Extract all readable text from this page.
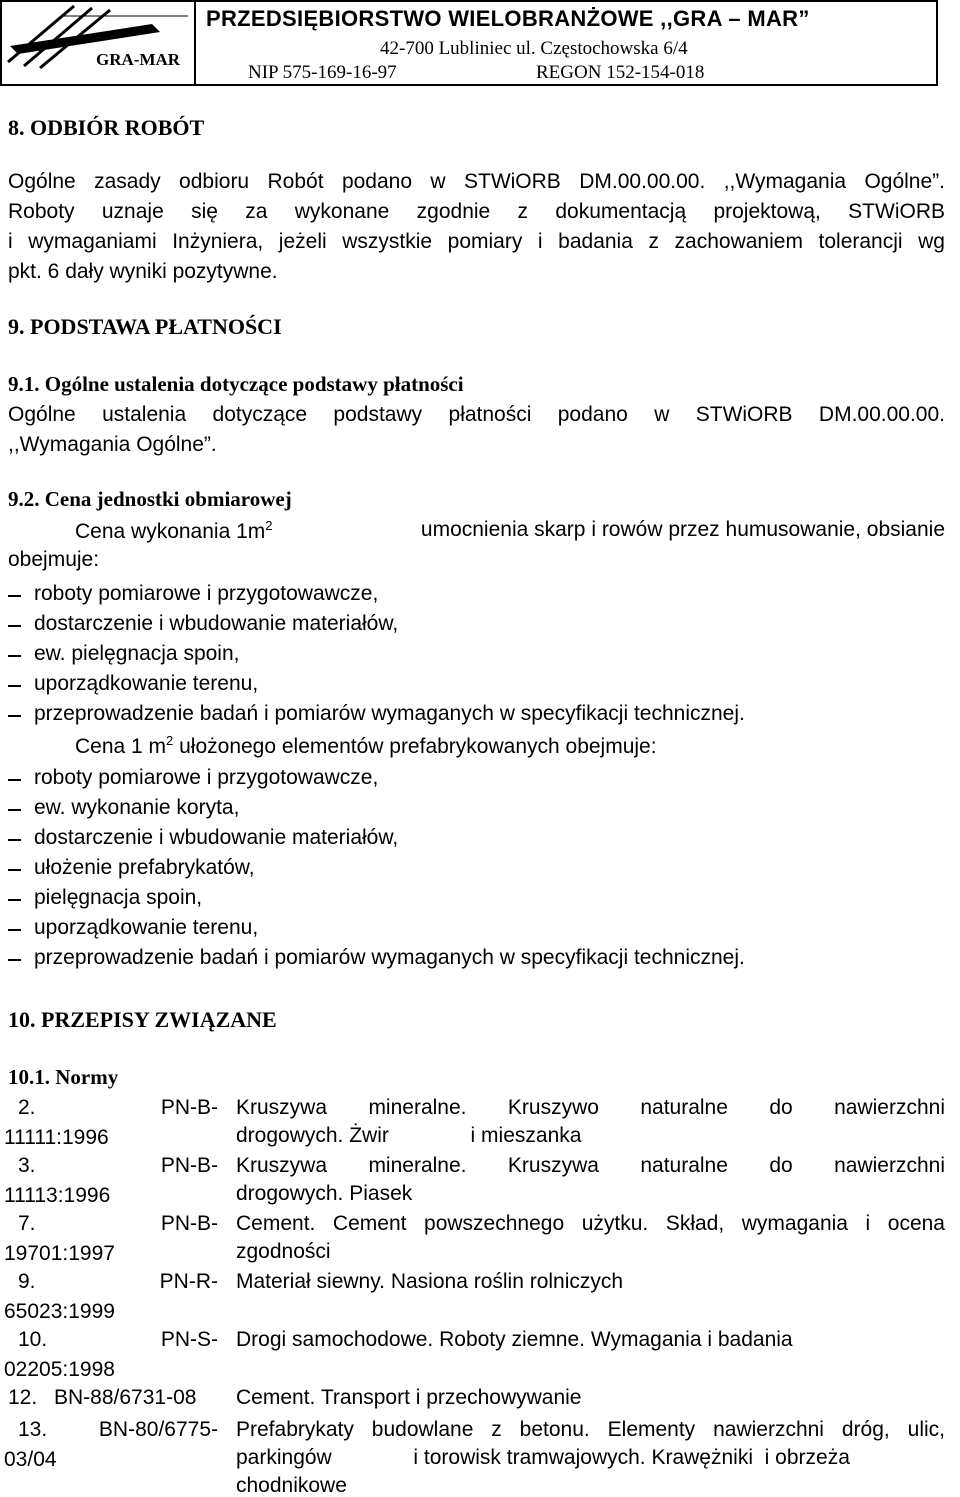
GRA-MAR
PRZEDSIĘBIORSTWO WIELOBRANŻOWE ,,GRA – MAR”
42-700 Lubliniec ul. Częstochowska 6/4
NIP 575-169-16-97	REGON 152-154-018
8. ODBIÓR ROBÓT
Ogólne zasady odbioru Robót podano w STWiORB DM.00.00.00. ,,Wymagania Ogólne”.
Roboty uznaje się za wykonane zgodnie z dokumentacją projektową, STWiORB
i wymaganiami Inżyniera, jeżeli wszystkie pomiary i badania z zachowaniem tolerancji wg
pkt. 6 dały wyniki pozytywne.
9. PODSTAWA PŁATNOŚCI
9.1. Ogólne ustalenia dotyczące podstawy płatności
Ogólne ustalenia dotyczące podstawy płatności podano w STWiORB DM.00.00.00.
,,Wymagania Ogólne”.
9.2. Cena jednostki obmiarowej
Cena wykonania $1m^2$	umocnienia skarp i rowów przez humusowanie, obsianie
obejmuje:
roboty pomiarowe i przygotowawcze,
dostarczenie i wbudowanie materiałów,
ew. pielęgnacja spoin,
uporządkowanie terenu,
przeprowadzenie badań i pomiarów wymaganych w specyfikacji technicznej.
Cena 1 $m^2$ ułożonego elementów prefabrykowanych obejmuje:
roboty pomiarowe i przygotowawcze,
ew. wykonanie koryta,
dostarczenie i wbudowanie materiałów,
ułożenie prefabrykatów,
pielęgnacja spoin,
uporządkowanie terenu,
przeprowadzenie badań i pomiarów wymaganych w specyfikacji technicznej.
10. PRZEPISY ZWIĄZANE
10.1. Normy
2.	PN-B-
11111:1996
Kruszywa mineralne. Kruszywo naturalne do nawierzchni
drogowych. Żwir              i mieszanka
3.	PN-B-
11113:1996
Kruszywa mineralne. Kruszywa naturalne do nawierzchni
drogowych. Piasek
7.	PN-B-
19701:1997
Cement. Cement powszechnego użytku. Skład, wymagania i ocena
zgodności
9.	PN-R-
65023:1999
Materiał siewny. Nasiona roślin rolniczych
10.	PN-S-
02205:1998
Drogi samochodowe. Roboty ziemne. Wymagania i badania
12. BN-88/6731-08 Cement. Transport i przechowywanie
13. BN-80/6775-
03/04
Prefabrykaty budowlane z betonu. Elementy nawierzchni dróg, ulic,
parkingów              i torowisk tramwajowych. Krawężniki  i obrzeża
chodnikowe
